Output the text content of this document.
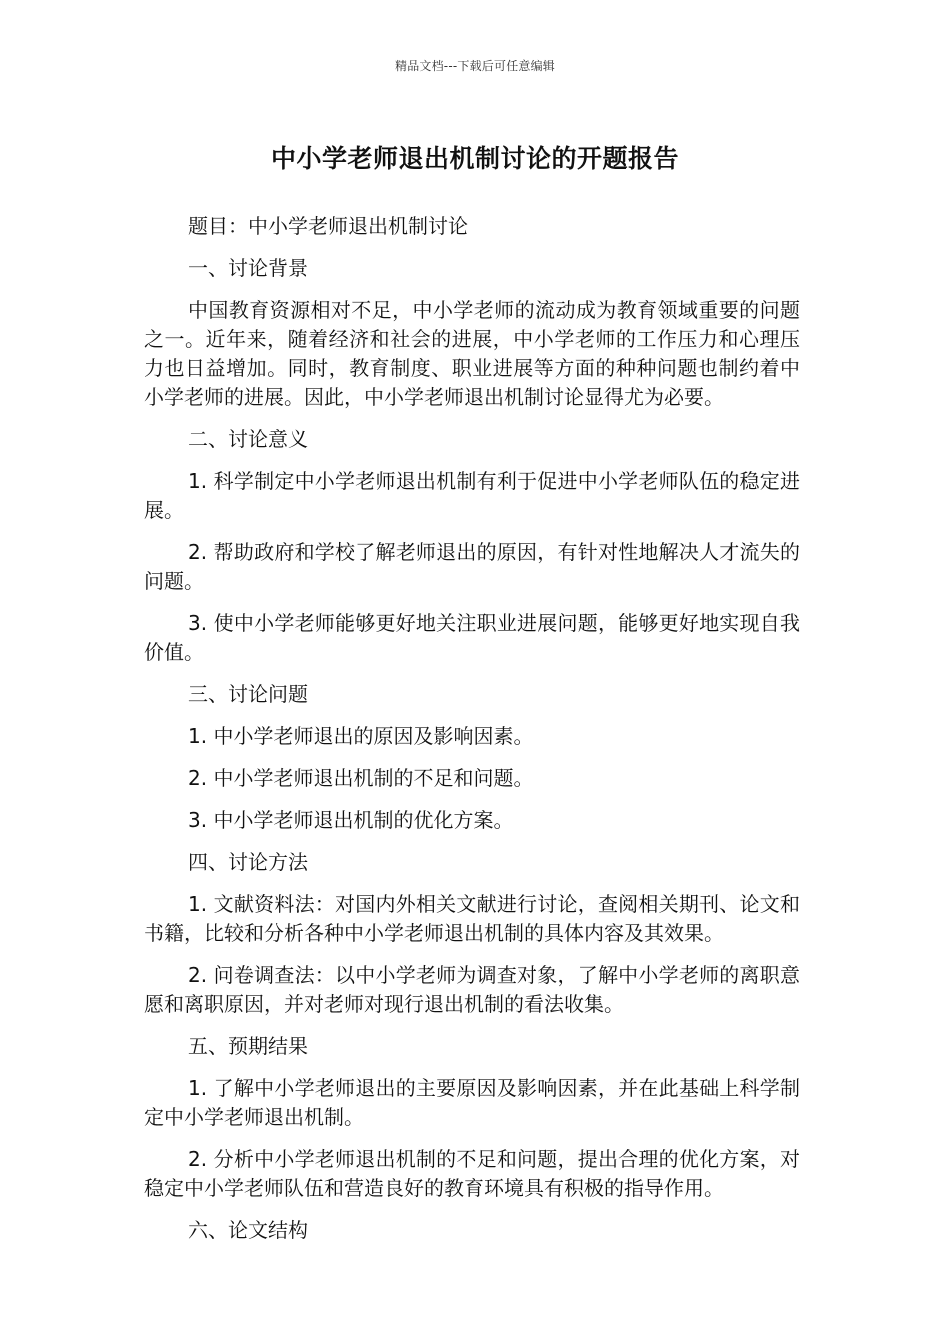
精品文档---下载后可任意编辑
中小学老师退出机制讨论的开题报告

题目：中小学老师退出机制讨论

一、讨论背景

中国教育资源相对不足，中小学老师的流动成为教育领域重要的问题之一。近年来，随着经济和社会的进展，中小学老师的工作压力和心理压力也日益增加。同时，教育制度、职业进展等方面的种种问题也制约着中小学老师的进展。因此，中小学老师退出机制讨论显得尤为必要。

二、讨论意义

1. 科学制定中小学老师退出机制有利于促进中小学老师队伍的稳定进展。

2. 帮助政府和学校了解老师退出的原因，有针对性地解决人才流失的问题。

3. 使中小学老师能够更好地关注职业进展问题，能够更好地实现自我价值。

三、讨论问题

1. 中小学老师退出的原因及影响因素。

2. 中小学老师退出机制的不足和问题。

3. 中小学老师退出机制的优化方案。

四、讨论方法

1. 文献资料法：对国内外相关文献进行讨论，查阅相关期刊、论文和书籍，比较和分析各种中小学老师退出机制的具体内容及其效果。

2. 问卷调查法：以中小学老师为调查对象，了解中小学老师的离职意愿和离职原因，并对老师对现行退出机制的看法收集。

五、预期结果

1. 了解中小学老师退出的主要原因及影响因素，并在此基础上科学制定中小学老师退出机制。

2. 分析中小学老师退出机制的不足和问题，提出合理的优化方案，对稳定中小学老师队伍和营造良好的教育环境具有积极的指导作用。

六、论文结构
